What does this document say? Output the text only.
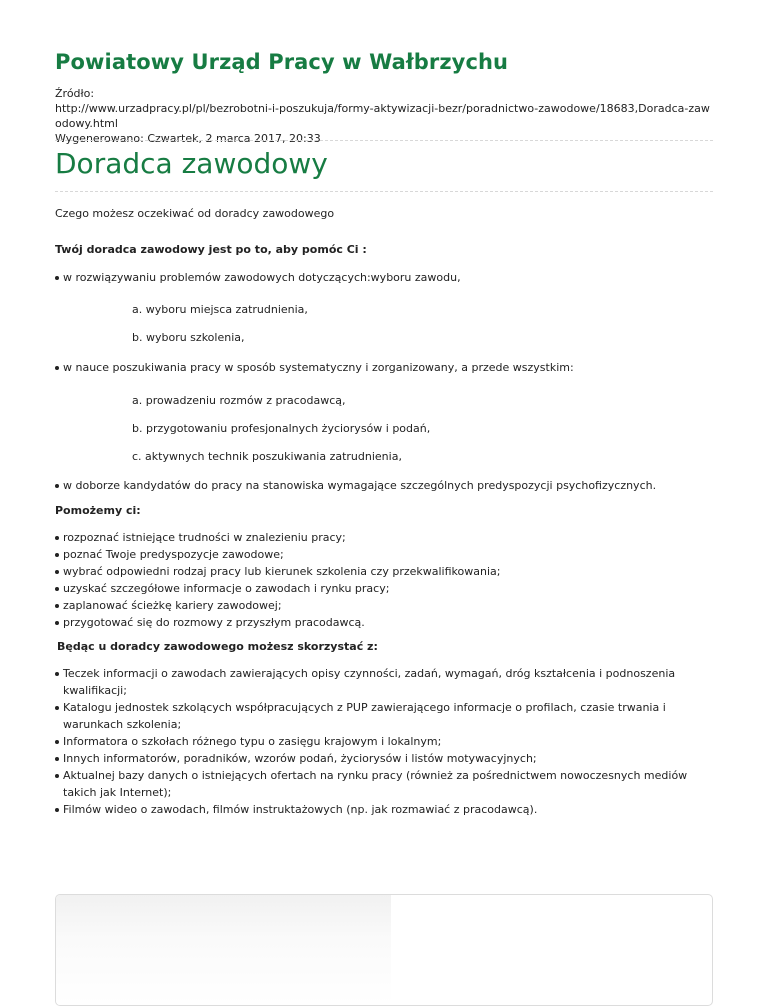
Powiatowy Urząd Pracy w Wałbrzychu
Źródło:
http://www.urzadpracy.pl/pl/bezrobotni-i-poszukuja/formy-aktywizacji-bezr/poradnictwo-zawodowe/18683,Doradca-zawodowy.html
Wygenerowano: Czwartek, 2 marca 2017, 20:33
Doradca zawodowy

Czego możesz oczekiwać od doradcy zawodowego

Twój doradca zawodowy jest po to, aby pomóc Ci :

w rozwiązywaniu problemów zawodowych dotyczących:wyboru zawodu,
a. wyboru miejsca zatrudnienia,
b. wyboru szkolenia,
w nauce poszukiwania pracy w sposób systematyczny i zorganizowany, a przede wszystkim:
a. prowadzeniu rozmów z pracodawcą,
b. przygotowaniu profesjonalnych życiorysów i podań,
c. aktywnych technik poszukiwania zatrudnienia,
w doborze kandydatów do pracy na stanowiska wymagające szczególnych predyspozycji psychofizycznych.

Pomożemy ci:

rozpoznać istniejące trudności w znalezieniu pracy;
poznać Twoje predyspozycje zawodowe;
wybrać odpowiedni rodzaj pracy lub kierunek szkolenia czy przekwalifikowania;
uzyskać szczegółowe informacje o zawodach i rynku pracy;
zaplanować ścieżkę kariery zawodowej;
przygotować się do rozmowy z przyszłym pracodawcą.

Będąc u doradcy zawodowego możesz skorzystać z:

Teczek informacji o zawodach zawierających opisy czynności, zadań, wymagań, dróg kształcenia i podnoszenia kwalifikacji;
Katalogu jednostek szkolących współpracujących z PUP zawierającego informacje o profilach, czasie trwania i warunkach szkolenia;
Informatora o szkołach różnego typu o zasięgu krajowym i lokalnym;
Innych informatorów, poradników, wzorów podań, życiorysów i listów motywacyjnych;
Aktualnej bazy danych o istniejących ofertach na rynku pracy (również za pośrednictwem nowoczesnych mediów takich jak Internet);
Filmów wideo o zawodach, filmów instruktażowych (np. jak rozmawiać z pracodawcą).
